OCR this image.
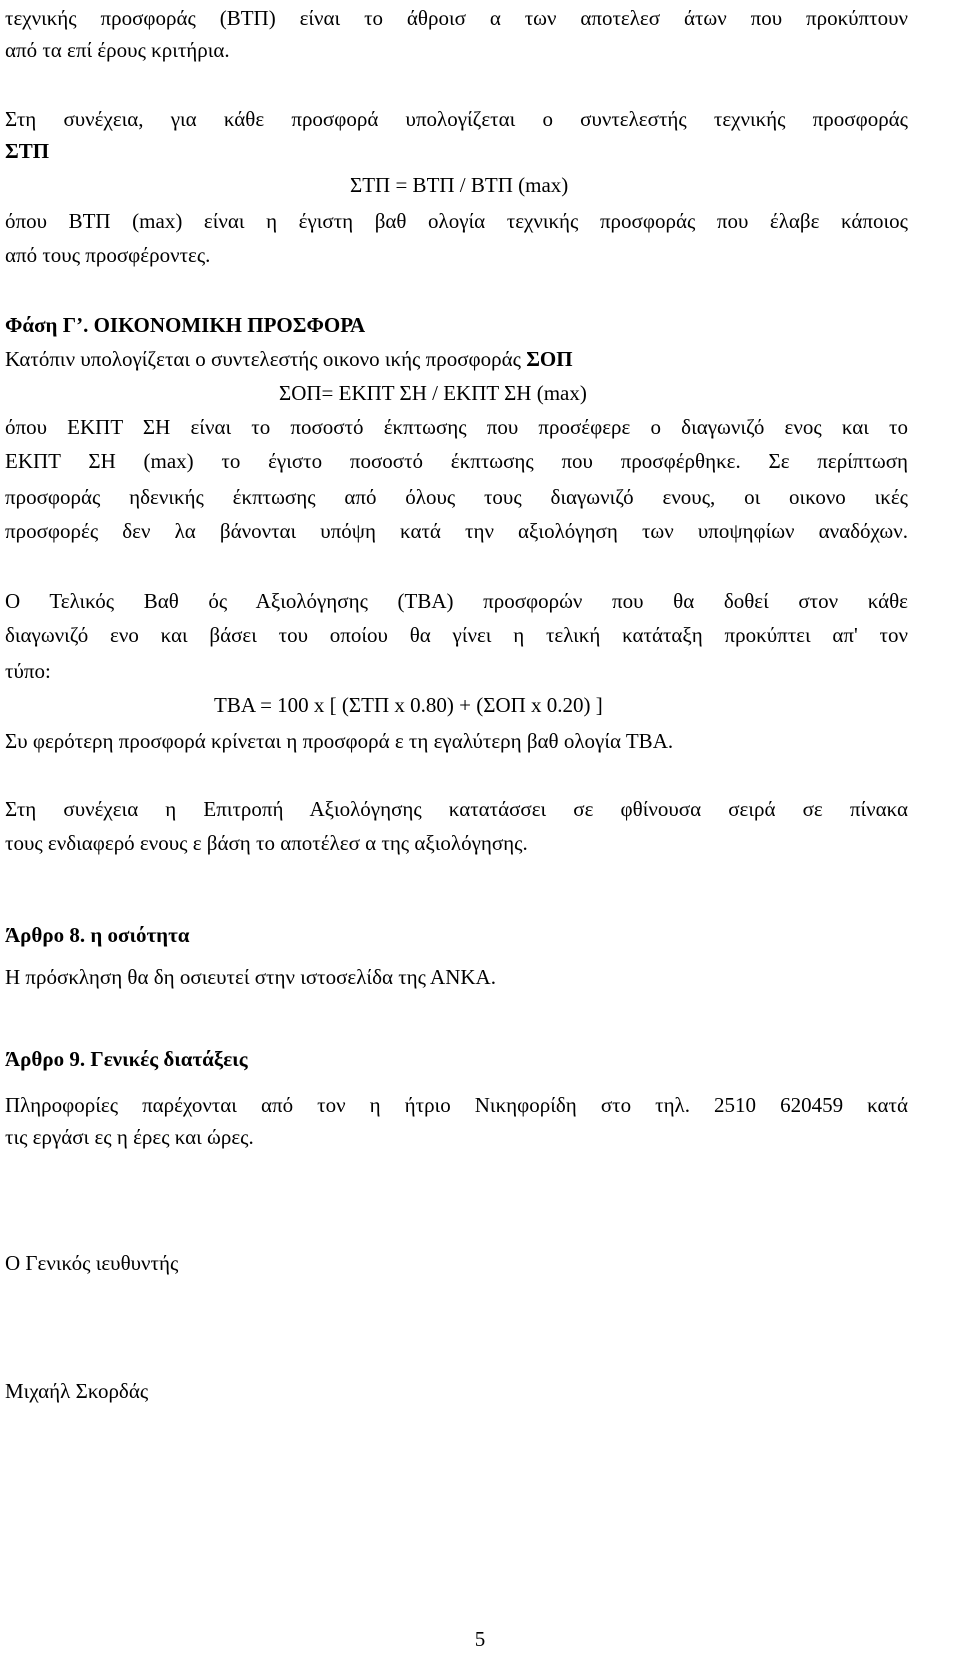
τεχνικής προσφοράς (ΒΤΠ) είναι το άθροισ α των αποτελεσ άτων που προκύπτουν
από τα επί έρους κριτήρια.
Στη συνέχεια, για κάθε προσφορά υπολογίζεται ο συντελεστής τεχνικής προσφοράς
ΣΤΠ
ΣΤΠ = ΒΤΠ / ΒΤΠ (max)
όπου ΒΤΠ (max) είναι η έγιστη βαθ ολογία τεχνικής προσφοράς που έλαβε κάποιος
από τους προσφέροντες.
Φάση Γ’. ΟΙΚΟΝΟΜΙΚΗ ΠΡΟΣΦΟΡΑ
Κατόπιν υπολογίζεται ο συντελεστής οικονο ικής προσφοράς ΣΟΠ
ΣΟΠ= ΕΚΠΤ ΣΗ / ΕΚΠΤ ΣΗ (max)
όπου ΕΚΠΤ ΣΗ είναι το ποσοστό έκπτωσης που προσέφερε ο διαγωνιζό ενος και το
ΕΚΠΤ ΣΗ (max) το έγιστο ποσοστό έκπτωσης που προσφέρθηκε. Σε περίπτωση
προσφοράς ηδενικής έκπτωσης από όλους τους διαγωνιζό ενους, οι οικονο ικές
προσφορές δεν λα βάνονται υπόψη κατά την αξιολόγηση των υποψηφίων αναδόχων.
Ο Τελικός Βαθ ός Αξιολόγησης (ΤΒΑ) προσφορών που θα δοθεί στον κάθε
διαγωνιζό ενο και βάσει του οποίου θα γίνει η τελική κατάταξη προκύπτει απ' τον
τύπο:
ΤΒΑ = 100 x [ (ΣΤΠ x 0.80) + (ΣΟΠ x 0.20) ]
Συ φερότερη προσφορά κρίνεται η προσφορά ε τη εγαλύτερη βαθ ολογία ΤΒΑ.
Στη συνέχεια η Επιτροπή Αξιολόγησης κατατάσσει σε φθίνουσα σειρά σε πίνακα
τους ενδιαφερό ενους ε βάση το αποτέλεσ α της αξιολόγησης.
Άρθρο 8. η οσιότητα
Η πρόσκληση θα δη οσιευτεί στην ιστοσελίδα της ΑΝΚΑ.
Άρθρο 9. Γενικές διατάξεις
Πληροφορίες παρέχονται από τον η ήτριο Νικηφορίδη στο τηλ. 2510 620459 κατά
τις εργάσι ες η έρες και ώρες.
Ο Γενικός ιευθυντής
Μιχαήλ Σκορδάς
5
